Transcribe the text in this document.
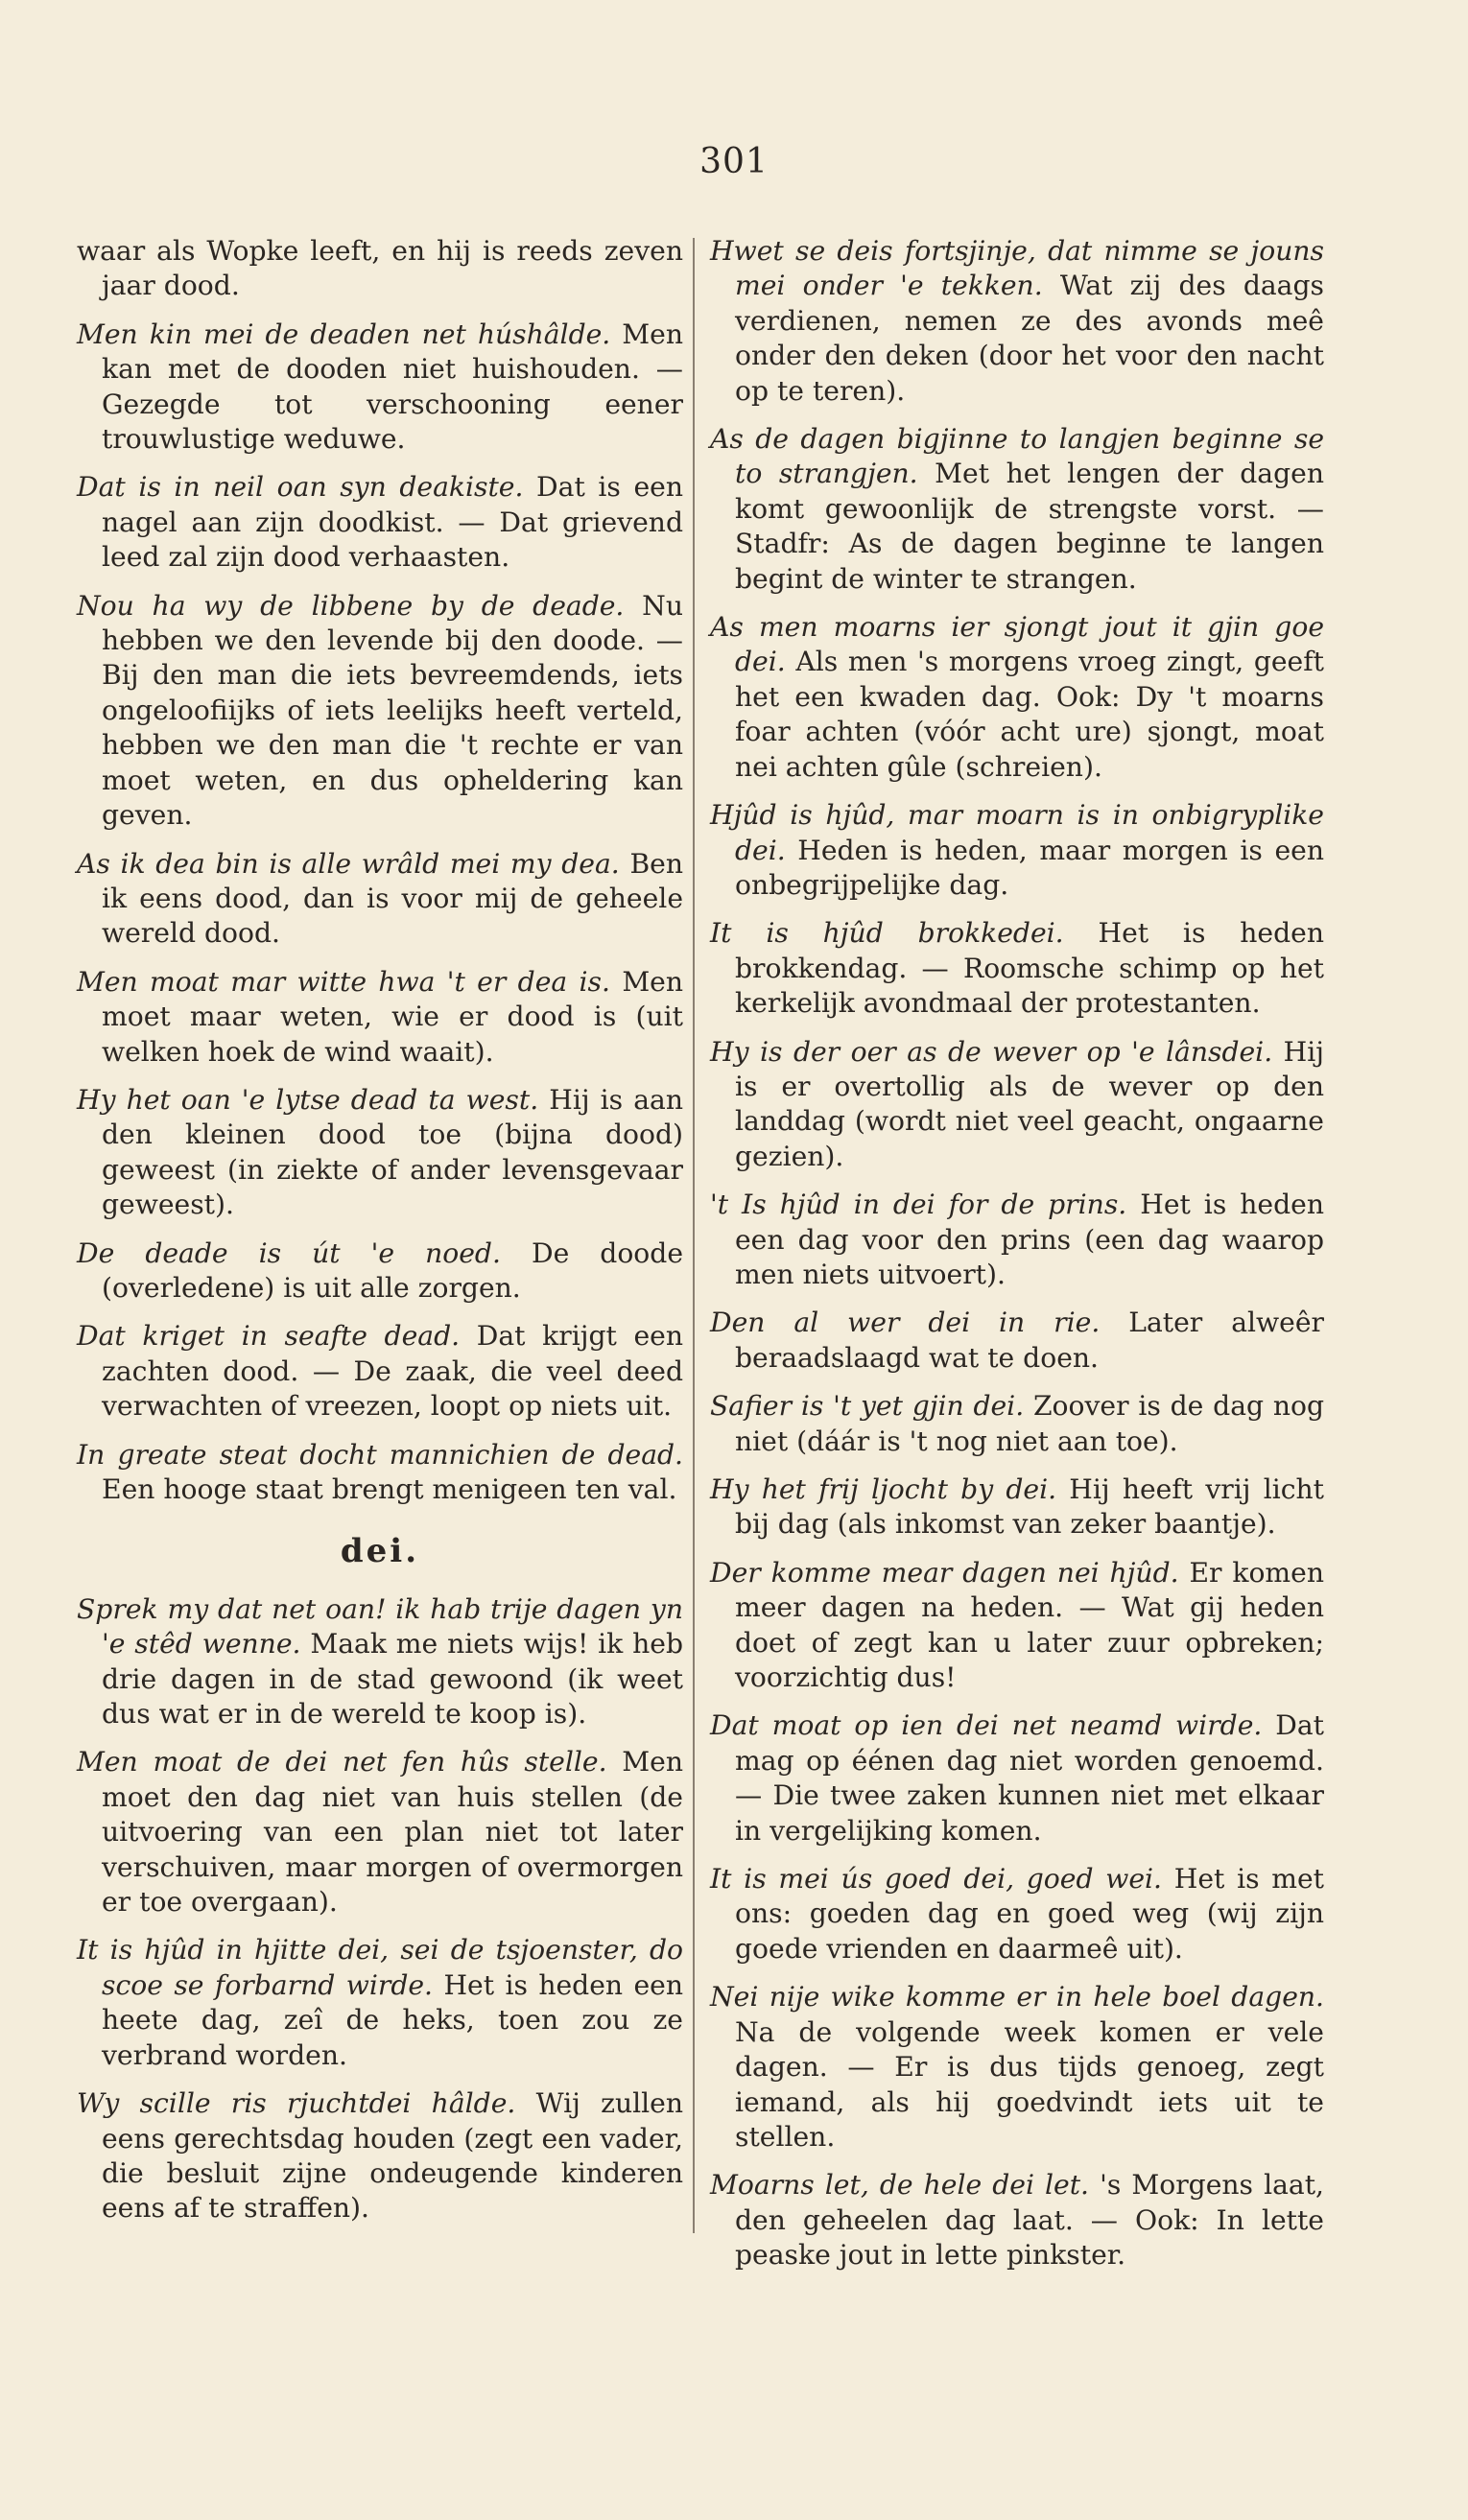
301

waar als Wopke leeft, en hij is reeds zeven jaar dood.

Men kin mei de deaden net húshâlde. Men kan met de dooden niet huishouden. — Gezegde tot verschooning eener trouwlustige weduwe.

Dat is in neil oan syn deakiste. Dat is een nagel aan zijn doodkist. — Dat grievend leed zal zijn dood verhaasten.

Nou ha wy de libbene by de deade. Nu hebben we den levende bij den doode. — Bij den man die iets bevreemdends, iets ongeloofiijks of iets leelijks heeft verteld, hebben we den man die 't rechte er van moet weten, en dus opheldering kan geven.

As ik dea bin is alle wrâld mei my dea. Ben ik eens dood, dan is voor mij de geheele wereld dood.

Men moat mar witte hwa 't er dea is. Men moet maar weten, wie er dood is (uit welken hoek de wind waait).

Hy het oan 'e lytse dead ta west. Hij is aan den kleinen dood toe (bijna dood) geweest (in ziekte of ander levensgevaar geweest).

De deade is út 'e noed. De doode (overledene) is uit alle zorgen.

Dat kriget in seafte dead. Dat krijgt een zachten dood. — De zaak, die veel deed verwachten of vreezen, loopt op niets uit.

In greate steat docht mannichien de dead. Een hooge staat brengt menigeen ten val.

dei.

Sprek my dat net oan! ik hab trije dagen yn 'e stêd wenne. Maak me niets wijs! ik heb drie dagen in de stad gewoond (ik weet dus wat er in de wereld te koop is).

Men moat de dei net fen hûs stelle. Men moet den dag niet van huis stellen (de uitvoering van een plan niet tot later verschuiven, maar morgen of overmorgen er toe overgaan).

It is hjûd in hjitte dei, sei de tsjoenster, do scoe se forbarnd wirde. Het is heden een heete dag, zeî de heks, toen zou ze verbrand worden.

Wy scille ris rjuchtdei hâlde. Wij zullen eens gerechtsdag houden (zegt een vader, die besluit zijne ondeugende kinderen eens af te straffen).

Hwet se deis fortsjinje, dat nimme se jouns mei onder 'e tekken. Wat zij des daags verdienen, nemen ze des avonds meê onder den deken (door het voor den nacht op te teren).

As de dagen bigjinne to langjen beginne se to strangjen. Met het lengen der dagen komt gewoonlijk de strengste vorst. — Stadfr: As de dagen beginne te langen begint de winter te strangen.

As men moarns ier sjongt jout it gjin goe dei. Als men 's morgens vroeg zingt, geeft het een kwaden dag. Ook: Dy 't moarns foar achten (vóór acht ure) sjongt, moat nei achten gûle (schreien).

Hjûd is hjûd, mar moarn is in onbigryplike dei. Heden is heden, maar morgen is een onbegrijpelijke dag.

It is hjûd brokkedei. Het is heden brokkendag. — Roomsche schimp op het kerkelijk avondmaal der protestanten.

Hy is der oer as de wever op 'e lânsdei. Hij is er overtollig als de wever op den landdag (wordt niet veel geacht, ongaarne gezien).

't Is hjûd in dei for de prins. Het is heden een dag voor den prins (een dag waarop men niets uitvoert).

Den al wer dei in rie. Later alweêr beraadslaagd wat te doen.

Safier is 't yet gjin dei. Zoover is de dag nog niet (dáár is 't nog niet aan toe).

Hy het frij ljocht by dei. Hij heeft vrij licht bij dag (als inkomst van zeker baantje).

Der komme mear dagen nei hjûd. Er komen meer dagen na heden. — Wat gij heden doet of zegt kan u later zuur opbreken; voorzichtig dus!

Dat moat op ien dei net neamd wirde. Dat mag op éénen dag niet worden genoemd. — Die twee zaken kunnen niet met elkaar in vergelijking komen.

It is mei ús goed dei, goed wei. Het is met ons: goeden dag en goed weg (wij zijn goede vrienden en daarmeê uit).

Nei nije wike komme er in hele boel dagen. Na de volgende week komen er vele dagen. — Er is dus tijds genoeg, zegt iemand, als hij goedvindt iets uit te stellen.

Moarns let, de hele dei let. 's Morgens laat, den geheelen dag laat. — Ook: In lette peaske jout in lette pinkster.
